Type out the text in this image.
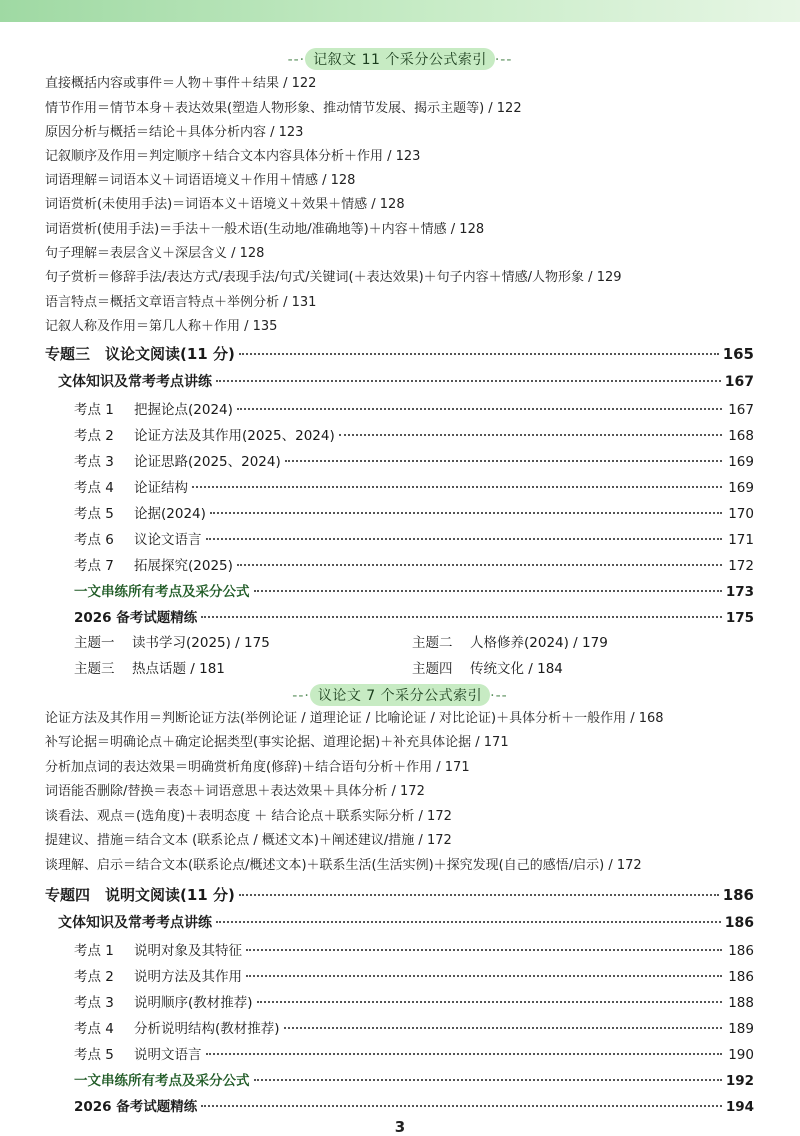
--· 记叙文 11 个采分公式索引 ·--
直接概括内容或事件＝人物＋事件＋结果 / 122
情节作用＝情节本身＋表达效果(塑造人物形象、推动情节发展、揭示主题等) / 122
原因分析与概括＝结论＋具体分析内容 / 123
记叙顺序及作用＝判定顺序＋结合文本内容具体分析＋作用 / 123
词语理解＝词语本义＋词语语境义＋作用＋情感 / 128
词语赏析(未使用手法)＝词语本义＋语境义＋效果＋情感 / 128
词语赏析(使用手法)＝手法＋一般术语(生动地/准确地等)＋内容＋情感 / 128
句子理解＝表层含义＋深层含义 / 128
句子赏析＝修辞手法/表达方式/表现手法/句式/关键词(＋表达效果)＋句子内容＋情感/人物形象 / 129
语言特点＝概括文章语言特点＋举例分析 / 131
记叙人称及作用＝第几人称＋作用 / 135
专题三　议论文阅读(11 分)	165
文体知识及常考考点讲练	167
考点 1 把握论点(2024)	167
考点 2 论证方法及其作用(2025、2024)	168
考点 3 论证思路(2025、2024)	169
考点 4 论证结构	169
考点 5 论据(2024)	170
考点 6 议论文语言	171
考点 7 拓展探究(2025)	172
一文串练所有考点及采分公式	173
2026 备考试题精练	175
主题一 读书学习(2025) / 175	主题二 人格修养(2024) / 179
主题三 热点话题 / 181	主题四 传统文化 / 184
--· 议论文 7 个采分公式索引 ·--
论证方法及其作用＝判断论证方法(举例论证 / 道理论证 / 比喻论证 / 对比论证)＋具体分析＋一般作用 / 168
补写论据＝明确论点＋确定论据类型(事实论据、道理论据)＋补充具体论据 / 171
分析加点词的表达效果＝明确赏析角度(修辞)＋结合语句分析＋作用 / 171
词语能否删除/替换＝表态＋词语意思＋表达效果＋具体分析 / 172
谈看法、观点＝(选角度)＋表明态度 ＋ 结合论点＋联系实际分析 / 172
提建议、措施＝结合文本 (联系论点 / 概述文本)＋阐述建议/措施 / 172
谈理解、启示＝结合文本(联系论点/概述文本)＋联系生活(生活实例)＋探究发现(自己的感悟/启示) / 172
专题四　说明文阅读(11 分)	186
文体知识及常考考点讲练	186
考点 1 说明对象及其特征	186
考点 2 说明方法及其作用	186
考点 3 说明顺序(教材推荐)	188
考点 4 分析说明结构(教材推荐)	189
考点 5 说明文语言	190
一文串练所有考点及采分公式	192
2026 备考试题精练	194
3
